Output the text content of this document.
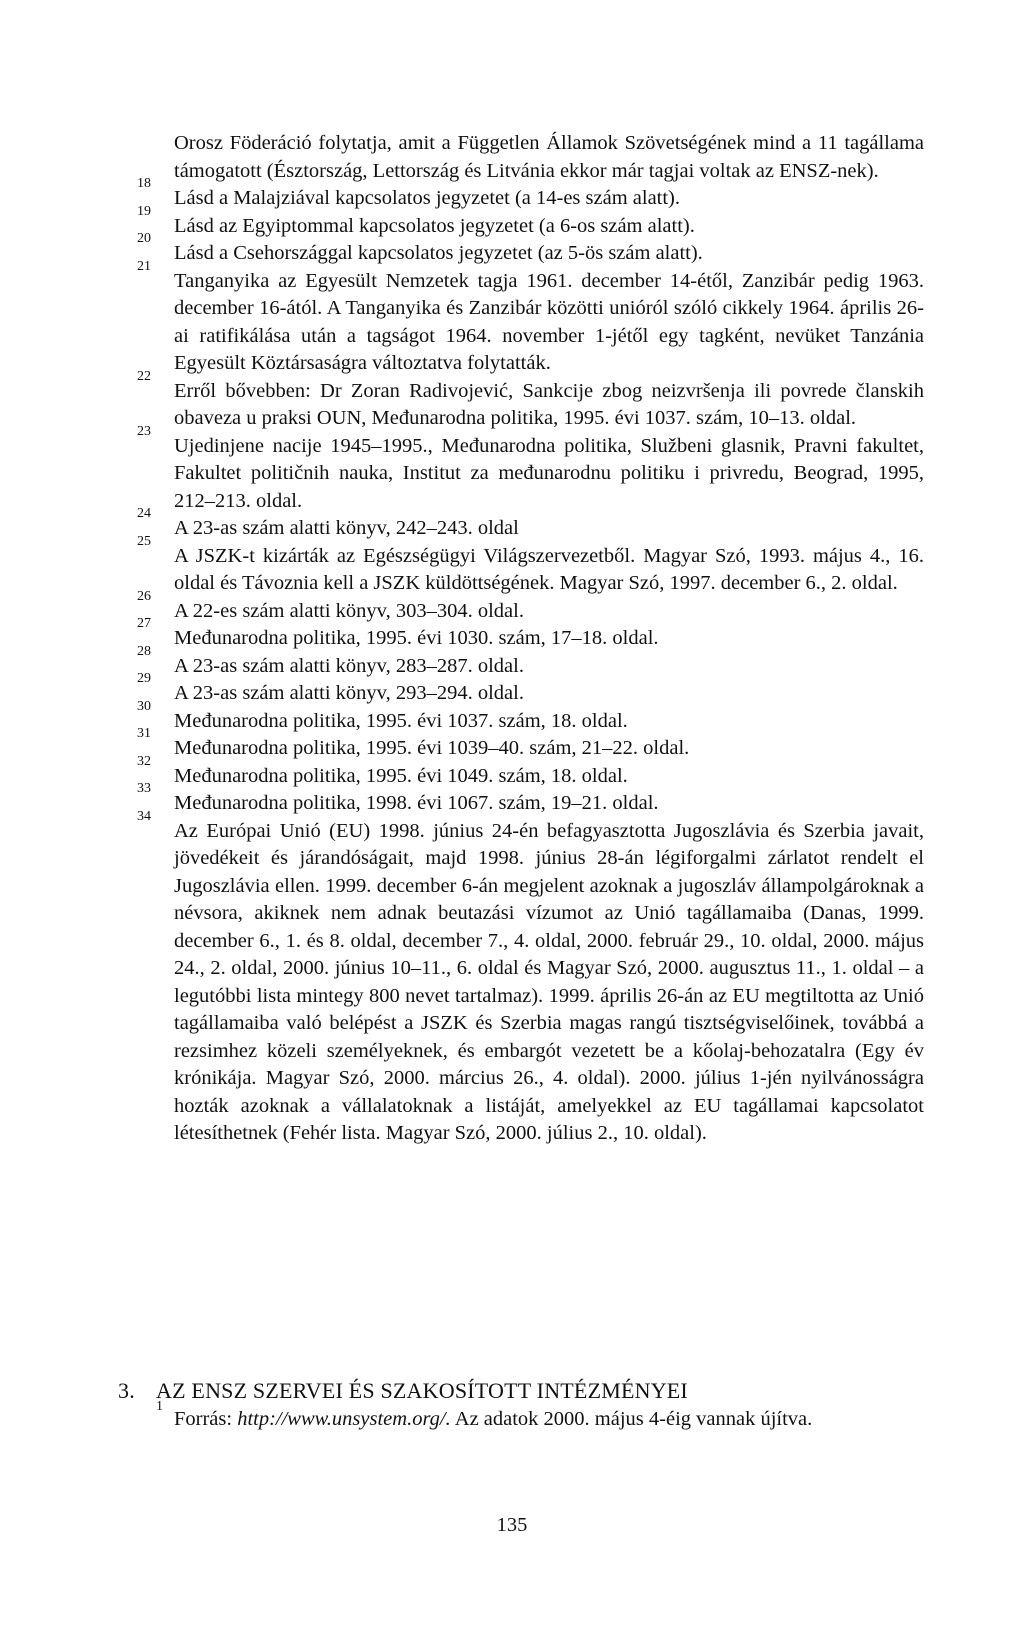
Orosz Föderáció folytatja, amit a Független Államok Szövetségének mind a 11 tagállama támogatott (Észtország, Lettország és Litvánia ekkor már tagjai voltak az ENSZ-nek).

18
Lásd a Malajziával kapcsolatos jegyzetet (a 14-es szám alatt).

19
Lásd az Egyiptommal kapcsolatos jegyzetet (a 6-os szám alatt).

20
Lásd a Csehországgal kapcsolatos jegyzetet (az 5-ös szám alatt).

21
Tanganyika az Egyesült Nemzetek tagja 1961. december 14-étől, Zanzibár pedig 1963. december 16-ától. A Tanganyika és Zanzibár közötti unióról szóló cikkely 1964. április 26-ai ratifikálása után a tagságot 1964. november 1-jétől egy tagként, nevüket Tanzánia Egyesült Köztársaságra változtatva folytatták.

22
Erről bővebben: Dr Zoran Radivojević, Sankcije zbog neizvršenja ili povrede članskih obaveza u praksi OUN, Međunarodna politika, 1995. évi 1037. szám, 10–13. oldal.

23
Ujedinjene nacije 1945–1995., Međunarodna politika, Službeni glasnik, Pravni fakultet, Fakultet političnih nauka, Institut za međunarodnu politiku i privredu, Beograd, 1995, 212–213. oldal.

24
A 23-as szám alatti könyv, 242–243. oldal

25
A JSZK-t kizárták az Egészségügyi Világszervezetből. Magyar Szó, 1993. május 4., 16. oldal és Távoznia kell a JSZK küldöttségének. Magyar Szó, 1997. december 6., 2. oldal.

26
A 22-es szám alatti könyv, 303–304. oldal.

27
Međunarodna politika, 1995. évi 1030. szám, 17–18. oldal.

28
A 23-as szám alatti könyv, 283–287. oldal.

29
A 23-as szám alatti könyv, 293–294. oldal.

30
Međunarodna politika, 1995. évi 1037. szám, 18. oldal.

31
Međunarodna politika, 1995. évi 1039–40. szám, 21–22. oldal.

32
Međunarodna politika, 1995. évi 1049. szám, 18. oldal.

33
Međunarodna politika, 1998. évi 1067. szám, 19–21. oldal.

34
Az Európai Unió (EU) 1998. június 24-én befagyasztotta Jugoszlávia és Szerbia javait, jövedékeit és járandóságait, majd 1998. június 28-án légiforgalmi zárlatot rendelt el Jugoszlávia ellen. 1999. december 6-án megjelent azoknak a jugoszláv állampolgároknak a névsora, akiknek nem adnak beutazási vízumot az Unió tagállamaiba (Danas, 1999. december 6., 1. és 8. oldal, december 7., 4. oldal, 2000. február 29., 10. oldal, 2000. május 24., 2. oldal, 2000. június 10–11., 6. oldal és Magyar Szó, 2000. augusztus 11., 1. oldal – a legutóbbi lista mintegy 800 nevet tartalmaz). 1999. április 26-án az EU megtiltotta az Unió tagállamaiba való belépést a JSZK és Szerbia magas rangú tisztségviselőinek, továbbá a rezsimhez közeli személyeknek, és embargót vezetett be a kőolaj-behozatalra (Egy év krónikája. Magyar Szó, 2000. március 26., 4. oldal). 2000. július 1-jén nyilvánosságra hozták azoknak a vállalatoknak a listáját, amelyekkel az EU tagállamai kapcsolatot létesíthetnek (Fehér lista. Magyar Szó, 2000. július 2., 10. oldal).

3. AZ ENSZ SZERVEI ÉS SZAKOSÍTOTT INTÉZMÉNYEI

1
Forrás: http://www.unsystem.org/. Az adatok 2000. május 4-éig vannak újítva.

135
